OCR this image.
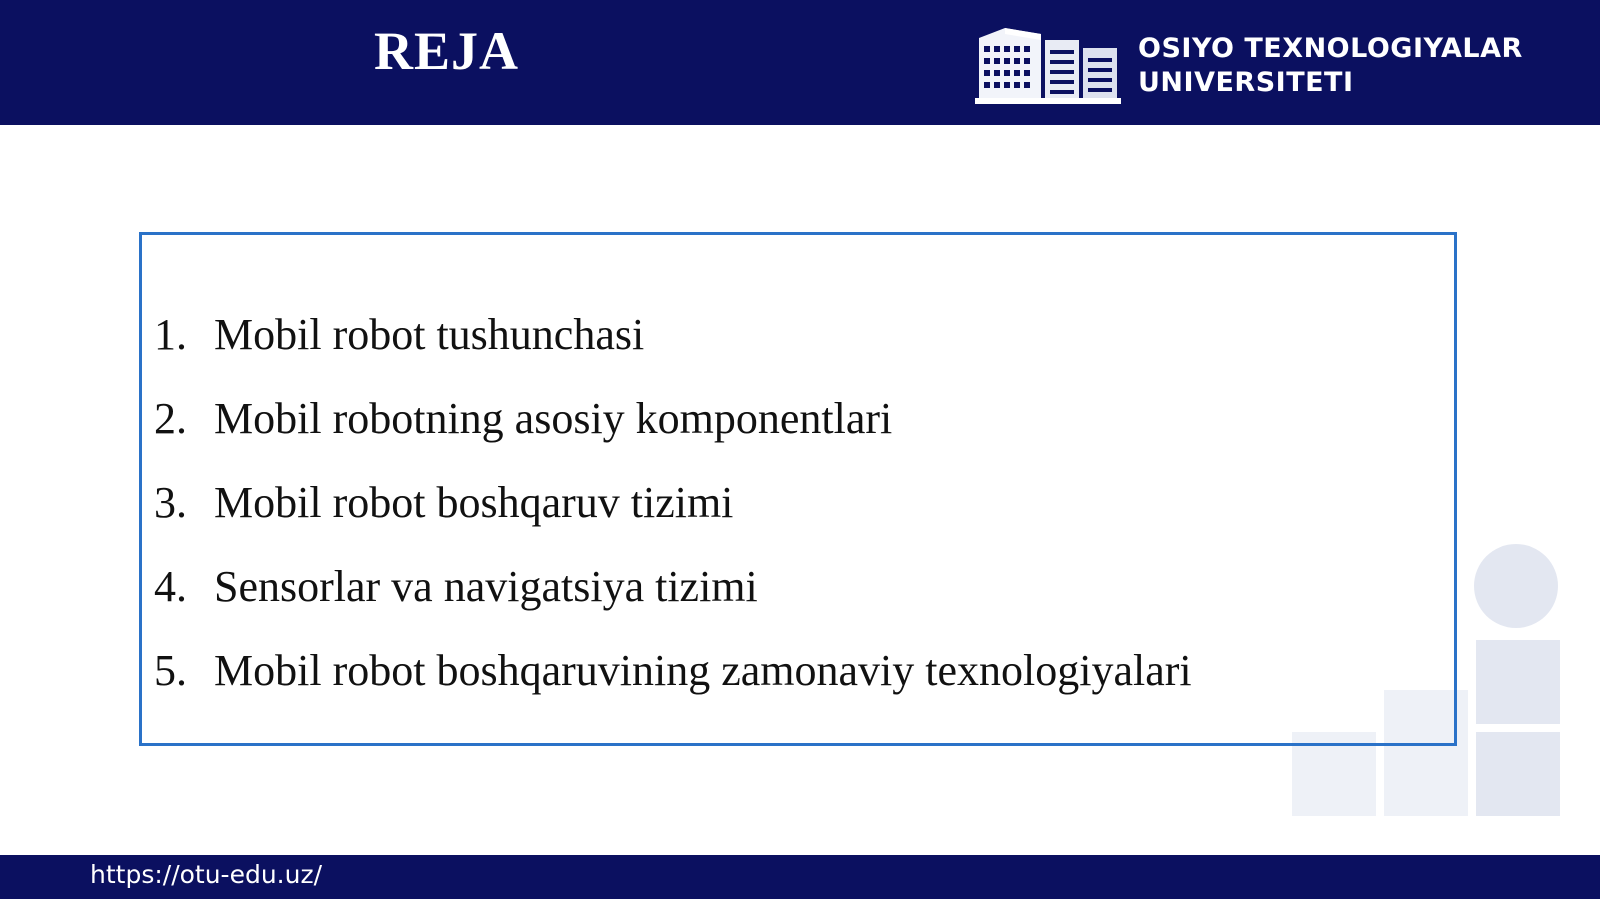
REJA	OSIYO TEXNOLOGIYALAR
UNIVERSITETI
1. Mobil robot tushunchasi
2. Mobil robotning asosiy komponentlari
3. Mobil robot boshqaruv tizimi
4. Sensorlar va navigatsiya tizimi
5. Mobil robot boshqaruvining zamonaviy texnologiyalari
https://otu-edu.uz/
